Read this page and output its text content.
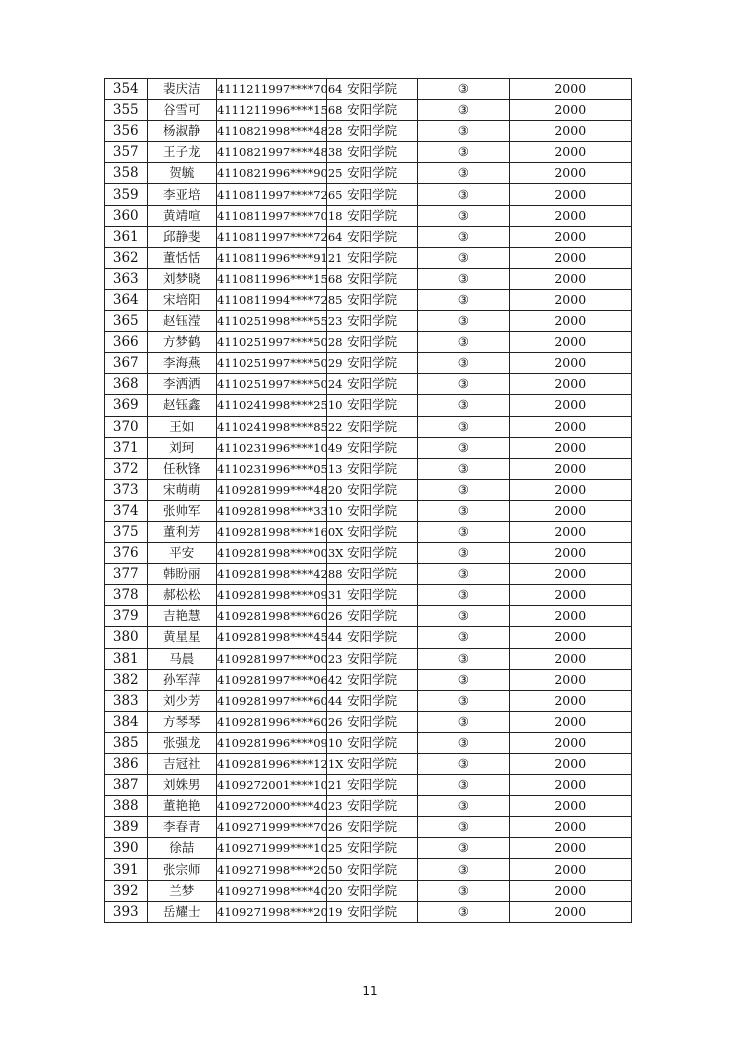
354	裴庆洁	4111211997****7064	安阳学院	③	2000
355	谷雪可	4111211996****1568	安阳学院	③	2000
356	杨淑静	4110821998****4828	安阳学院	③	2000
357	王子龙	4110821997****4838	安阳学院	③	2000
358	贺毓	4110821996****9025	安阳学院	③	2000
359	李亚培	4110811997****7265	安阳学院	③	2000
360	黄靖喧	4110811997****7018	安阳学院	③	2000
361	邱静斐	4110811997****7264	安阳学院	③	2000
362	董恬恬	4110811996****9121	安阳学院	③	2000
363	刘梦晓	4110811996****1568	安阳学院	③	2000
364	宋培阳	4110811994****7285	安阳学院	③	2000
365	赵钰滢	4110251998****5523	安阳学院	③	2000
366	方梦鹤	4110251997****5028	安阳学院	③	2000
367	李海燕	4110251997****5029	安阳学院	③	2000
368	李洒洒	4110251997****5024	安阳学院	③	2000
369	赵钰鑫	4110241998****2510	安阳学院	③	2000
370	王如	4110241998****8522	安阳学院	③	2000
371	刘珂	4110231996****1049	安阳学院	③	2000
372	任秋锋	4110231996****0513	安阳学院	③	2000
373	宋萌萌	4109281999****4820	安阳学院	③	2000
374	张帅军	4109281998****3310	安阳学院	③	2000
375	董利芳	4109281998****160X	安阳学院	③	2000
376	平安	4109281998****003X	安阳学院	③	2000
377	韩盼丽	4109281998****4288	安阳学院	③	2000
378	郝松松	4109281998****0931	安阳学院	③	2000
379	吉艳慧	4109281998****6026	安阳学院	③	2000
380	黄星星	4109281998****4544	安阳学院	③	2000
381	马晨	4109281997****0023	安阳学院	③	2000
382	孙军萍	4109281997****0642	安阳学院	③	2000
383	刘少芳	4109281997****6044	安阳学院	③	2000
384	方琴琴	4109281996****6026	安阳学院	③	2000
385	张强龙	4109281996****0910	安阳学院	③	2000
386	吉冠社	4109281996****121X	安阳学院	③	2000
387	刘姝男	4109272001****1021	安阳学院	③	2000
388	董艳艳	4109272000****4023	安阳学院	③	2000
389	李春青	4109271999****7026	安阳学院	③	2000
390	徐喆	4109271999****1025	安阳学院	③	2000
391	张宗师	4109271998****2050	安阳学院	③	2000
392	兰梦	4109271998****4020	安阳学院	③	2000
393	岳耀士	4109271998****2019	安阳学院	③	2000
11
